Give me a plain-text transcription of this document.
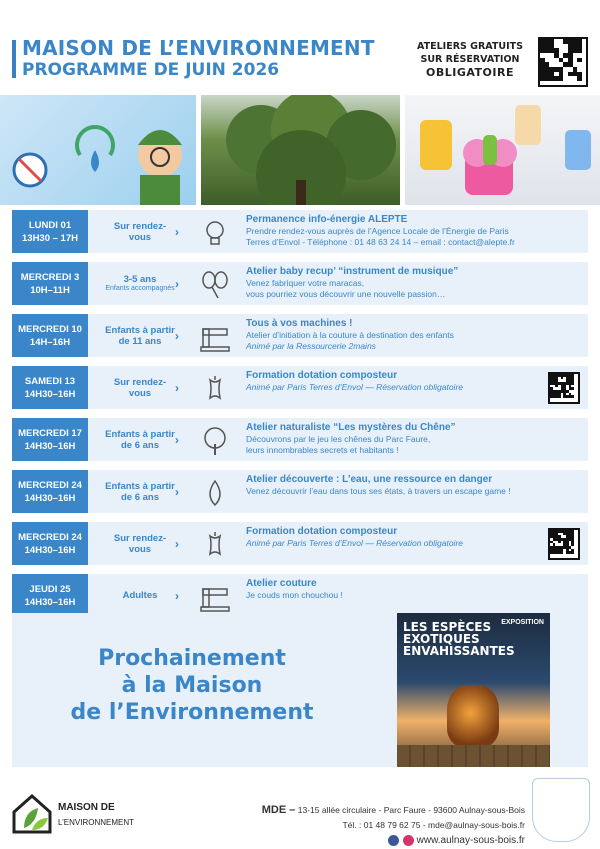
MAISON DE L’ENVIRONNEMENT
PROGRAMME DE JUIN 2026
ATELIERS GRATUITS
SUR RÉSERVATION
OBLIGATOIRE
LUNDI 01
13H30 – 17H
Sur rendez-vous	›
Permanence info-énergie ALEPTE
Prendre rendez-vous auprès de l’Agence Locale de l’Énergie de Paris
Terres d’Envol - Téléphone : 01 48 63 24 14 – email : contact@alepte.fr
MERCREDI 3
10H–11H
3-5 ans
Enfants accompagnés ›
Atelier baby recup’ “instrument de musique”
Venez fabriquer votre maracas,
vous pourriez vous découvrir une nouvelle passion…
MERCREDI 10
14H–16H
Enfants à partir de 11 ans	›
Tous à vos machines !
Atelier d’initiation à la couture à destination des enfants
Animé par la Ressourcerie 2mains
SAMEDI 13
14H30–16H
Sur rendez-vous	›
Formation dotation composteur
Animé par Paris Terres d’Envol — Réservation obligatoire
MERCREDI 17
14H30–16H
Enfants à partir de 6 ans	›
Atelier naturaliste “Les mystères du Chêne”
Découvrons par le jeu les chênes du Parc Faure,
leurs innombrables secrets et habitants !
MERCREDI 24
14H30–16H
Enfants à partir de 6 ans	›
Atelier découverte : L’eau, une ressource en danger
Venez découvrir l’eau dans tous ses états, à travers un escape game !
MERCREDI 24
14H30–16H
Sur rendez-vous	›
Formation dotation composteur
Animé par Paris Terres d’Envol — Réservation obligatoire
JEUDI 25
14H30–16H
Adultes	›
Atelier couture
Je couds mon chouchou !
Prochainement
à la Maison
de l’Environnement
EXPOSITION
LES ESPÈCES EXOTIQUES ENVAHISSANTES
MAISON DE
L’ENVIRONNEMENT
MDE – 13-15 allée circulaire - Parc Faure - 93600 Aulnay-sous-Bois
Tél. : 01 48 79 62 75 - mde@aulnay-sous-bois.fr
www.aulnay-sous-bois.fr
